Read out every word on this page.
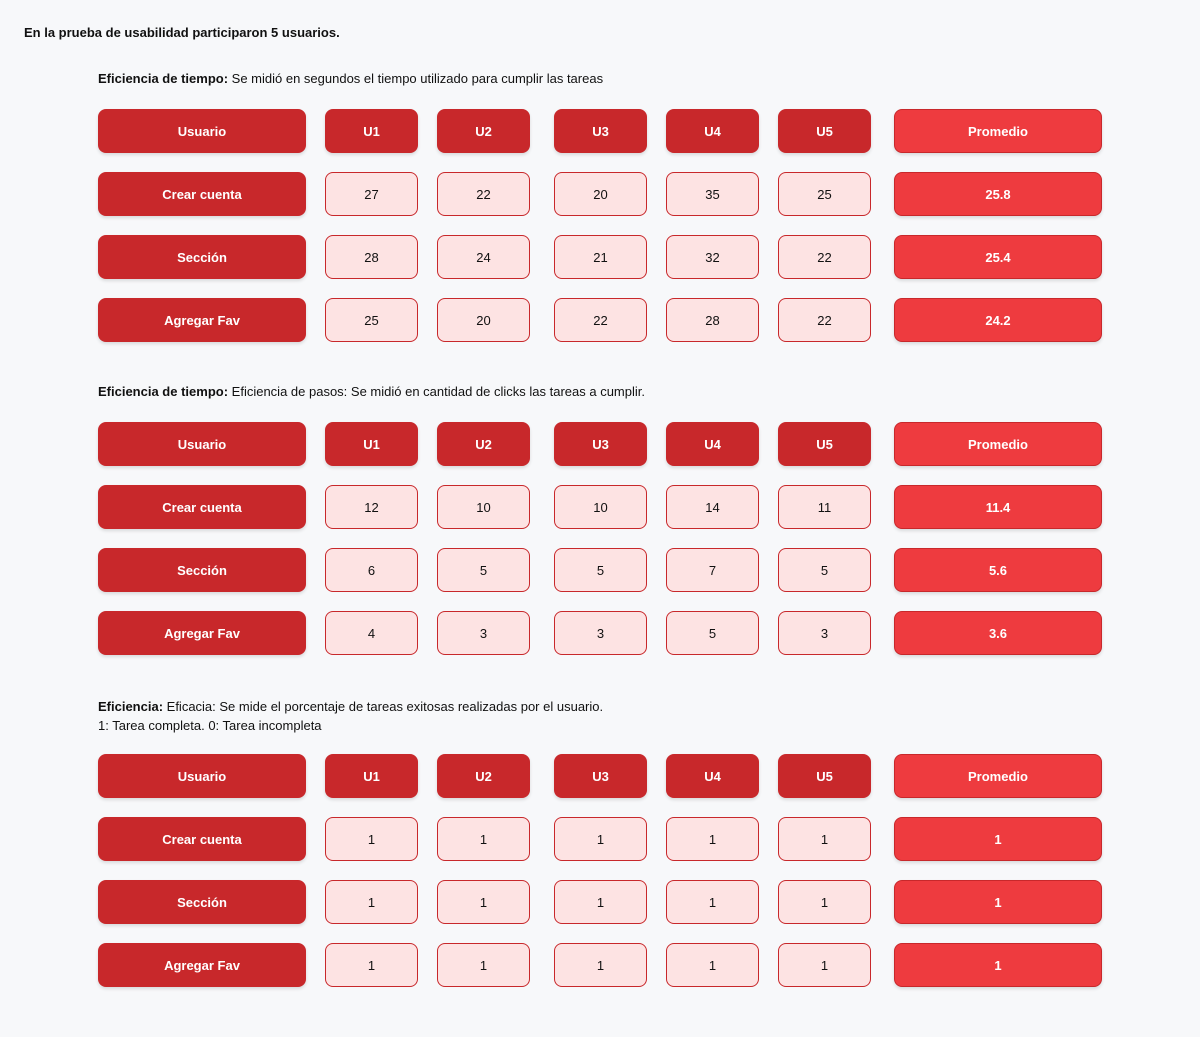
En la prueba de usabilidad participaron 5 usuarios.
Eficiencia de tiempo: Se midió en segundos el tiempo utilizado para cumplir las tareas
Usuario	U1	U2	U3	U4	U5	Promedio
Crear cuenta	27	22	20	35	25	25.8
Sección	28	24	21	32	22	25.4
Agregar Fav	25	20	22	28	22	24.2
Eficiencia de tiempo: Eficiencia de pasos: Se midió en cantidad de clicks las tareas a cumplir.
Usuario	U1	U2	U3	U4	U5	Promedio
Crear cuenta	12	10	10	14	11	11.4
Sección	6	5	5	7	5	5.6
Agregar Fav	4	3	3	5	3	3.6
Eficiencia: Eficacia: Se mide el porcentaje de tareas exitosas realizadas por el usuario.
1: Tarea completa. 0: Tarea incompleta
Usuario	U1	U2	U3	U4	U5	Promedio
Crear cuenta	1	1	1	1	1	1
Sección	1	1	1	1	1	1
Agregar Fav	1	1	1	1	1	1
